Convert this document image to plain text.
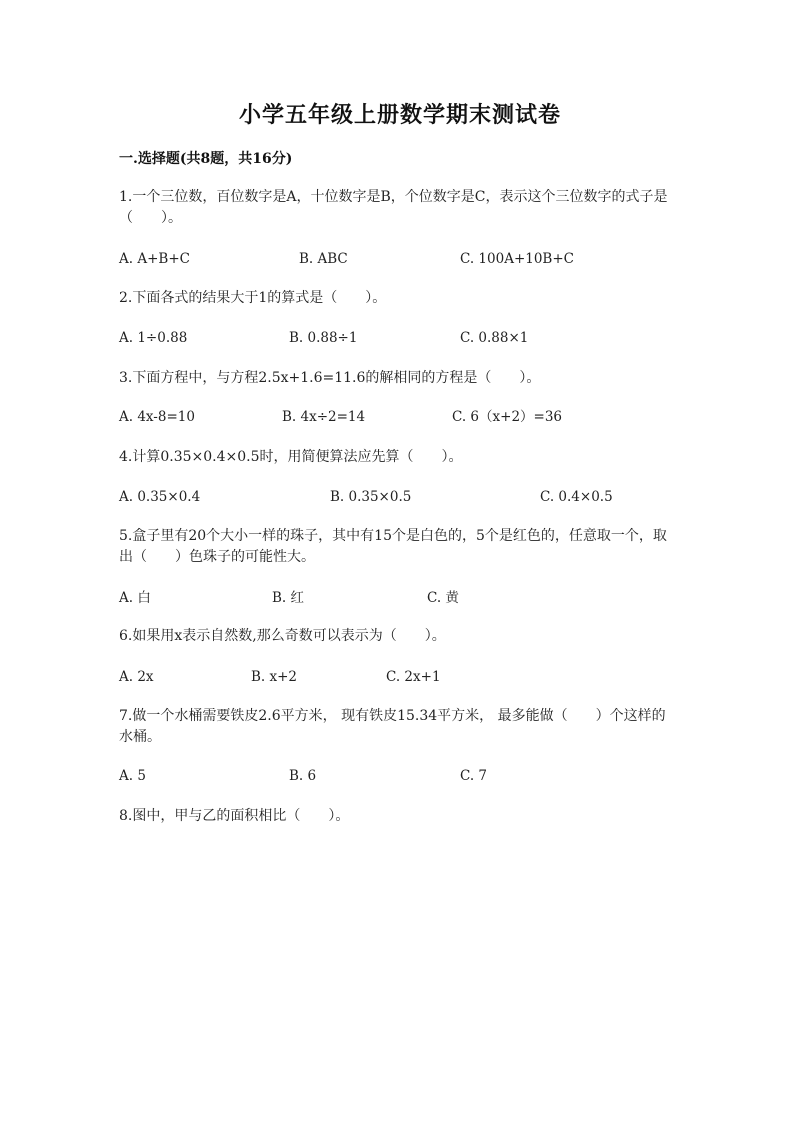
小学五年级上册数学期末测试卷
一.选择题(共8题，共16分)
1.一个三位数，百位数字是A，十位数字是B，个位数字是C，表示这个三位数字的式子是（　　）。
A. A+B+C	B. ABC	C. 100A+10B+C
2.下面各式的结果大于1的算式是（　　）。
A. 1÷0.88	B. 0.88÷1	C. 0.88×1
3.下面方程中，与方程2.5x+1.6=11.6的解相同的方程是（　　）。
A. 4x-8=10	B. 4x÷2=14	C. 6（x+2）=36
4.计算0.35×0.4×0.5时，用简便算法应先算（　　）。
A. 0.35×0.4	B. 0.35×0.5	C. 0.4×0.5
5.盒子里有20个大小一样的珠子，其中有15个是白色的，5个是红色的，任意取一个，取出（　　）色珠子的可能性大。
A. 白	B. 红	C. 黄
6.如果用x表示自然数,那么奇数可以表示为（　　）。
A. 2x	B. x+2	C. 2x+1
7.做一个水桶需要铁皮2.6平方米， 现有铁皮15.34平方米， 最多能做（　　）个这样的水桶。
A. 5	B. 6	C. 7
8.图中，甲与乙的面积相比（　　）。
